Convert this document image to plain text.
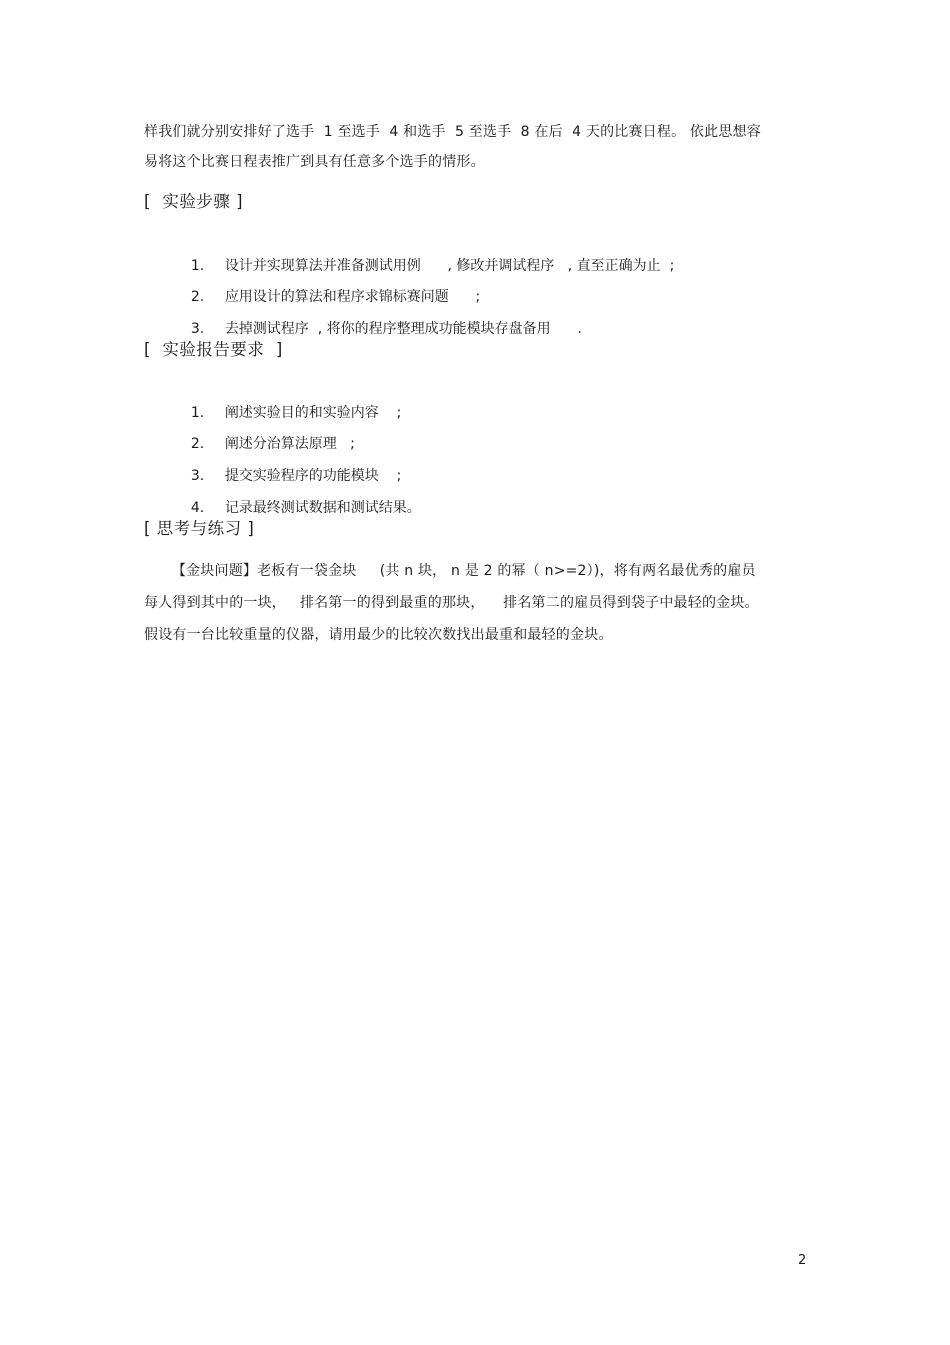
样我们就分别安排好了选手  1 至选手  4 和选手  5 至选手  8 在后  4 天的比赛日程。 依此思想容
易将这个比赛日程表推广到具有任意多个选手的情形。
[  实验步骤 ]

1. 设计并实现算法并准备测试用例      , 修改并调试程序   , 直至正确为止  ;

2. 应用设计的算法和程序求锦标赛问题      ;

3. 去掉测试程序  , 将你的程序整理成功能模块存盘备用      .

[  实验报告要求  ]

1. 阐述实验目的和实验内容    ;

2. 阐述分治算法原理   ;

3. 提交实验程序的功能模块    ;

4. 记录最终测试数据和测试结果。

[ 思考与练习 ]
【金块问题】老板有一袋金块     (共 n 块， n 是 2 的幂（ n>=2）)，将有两名最优秀的雇员
每人得到其中的一块，   排名第一的得到最重的那块，    排名第二的雇员得到袋子中最轻的金块。
假设有一台比较重量的仪器，请用最少的比较次数找出最重和最轻的金块。
2
